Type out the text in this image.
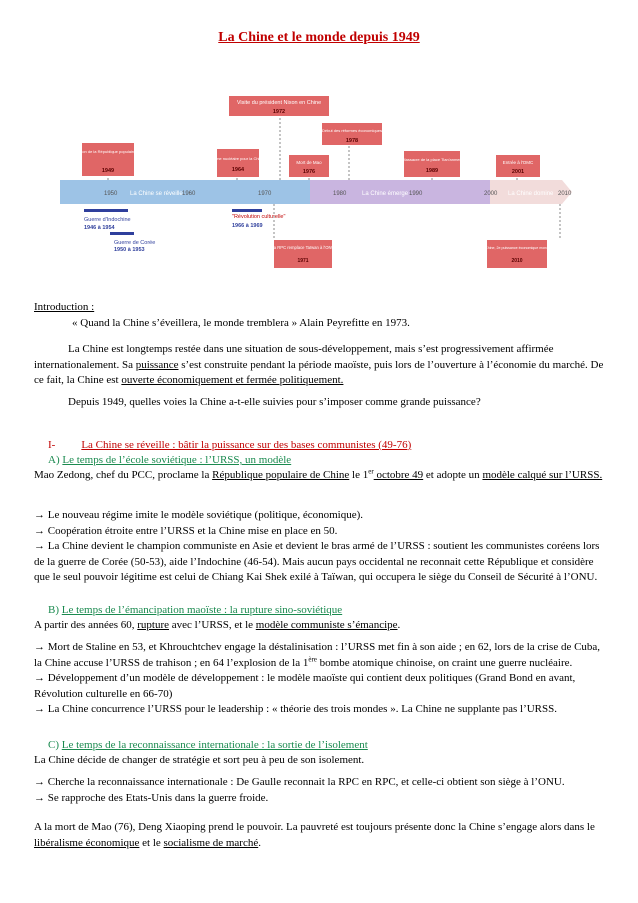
La Chine et le monde depuis 1949
La Chine se réveille	La Chine émerge	La Chine domine
1950	1960	1970	1980	1990	2000	2010
Proclamation de la République populaire de Chine
1949
Arme nucléaire pour la Chine
1964
Visite du président Nixon en Chine
1972
Mort de Mao
1976
Début des réformes économiques
1978
Massacre de la place Tian'anmen
1989
Entrée à l'OMC
2001
Guerre d'Indochine
1946 à 1954
Guerre de Corée
1950 à 1953
"Révolution culturelle"
1966 à 1969
La RPC remplace Taïwan à l'ONU
1971
La Chine, 2e puissance économique mondiale
2010

Introduction :

« Quand la Chine s’éveillera, le monde tremblera » Alain Peyrefitte en 1973.

La Chine est longtemps restée dans une situation de sous-développement, mais s’est progressivement affirmée internationalement. Sa puissance s’est construite pendant la période maoïste, puis lors de l’ouverture à l’économie du marché. De ce fait, la Chine est ouverte économiquement et fermée politiquement.

Depuis 1949, quelles voies la Chine a-t-elle suivies pour s’imposer comme grande puissance?
I- La Chine se réveille : bâtir la puissance sur des bases communistes (49-76)
A) Le temps de l’école soviétique : l’URSS, un modèle

Mao Zedong, chef du PCC, proclame la République populaire de Chine le 1er octobre 49 et adopte un modèle calqué sur l’URSS.

→ Le nouveau régime imite le modèle soviétique (politique, économique).

→ Coopération étroite entre l’URSS et la Chine mise en place en 50.

→ La Chine devient le champion communiste en Asie et devient le bras armé de l’URSS : soutient les communistes coréens lors de la guerre de Corée (50-53), aide l’Indochine (46-54). Mais aucun pays occidental ne reconnait cette République et considère que le seul pouvoir légitime est celui de Chiang Kai Shek exilé à Taïwan, qui occupera le siège du Conseil de Sécurité à l’ONU.

B) Le temps de l’émancipation maoïste : la rupture sino-soviétique

A partir des années 60, rupture avec l’URSS, et le modèle communiste s’émancipe.

→ Mort de Staline en 53, et Khrouchtchev engage la déstalinisation : l’URSS met fin à son aide ; en 62, lors de la crise de Cuba, la Chine accuse l’URSS de trahison ; en 64 l’explosion de la 1ère bombe atomique chinoise, on craint une guerre nucléaire.

→ Développement d’un modèle de développement : le modèle maoïste qui contient deux politiques (Grand Bond en avant, Révolution culturelle en 66-70)

→ La Chine concurrence l’URSS pour le leadership : « théorie des trois mondes ». La Chine ne supplante pas l’URSS.

C) Le temps de la reconnaissance internationale : la sortie de l’isolement
La Chine décide de changer de stratégie et sort peu à peu de son isolement.

→ Cherche la reconnaissance internationale : De Gaulle reconnait la RPC en RPC, et celle-ci obtient son siège à l’ONU.

→ Se rapproche des Etats-Unis dans la guerre froide.

A la mort de Mao (76), Deng Xiaoping prend le pouvoir. La pauvreté est toujours présente donc la Chine s’engage alors dans le libéralisme économique et le socialisme de marché.
